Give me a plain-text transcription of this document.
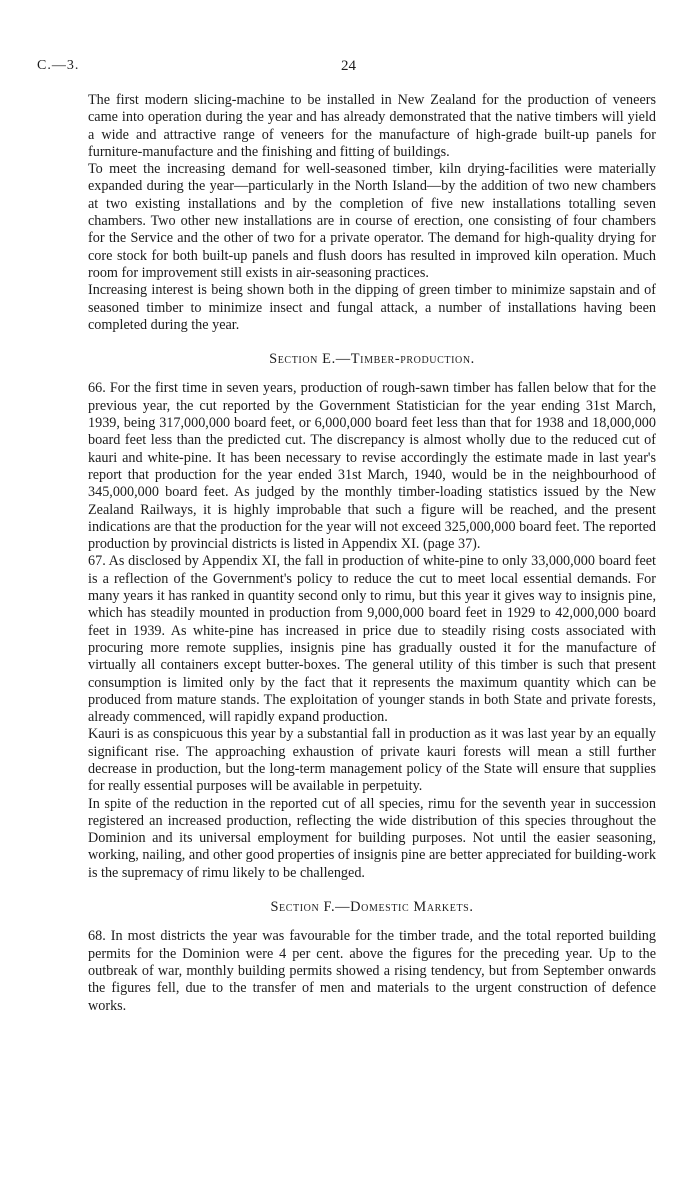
C.—3.	24

The first modern slicing-machine to be installed in New Zealand for the production of veneers came into operation during the year and has already demonstrated that the native timbers will yield a wide and attractive range of veneers for the manufacture of high-grade built-up panels for furniture-manufacture and the finishing and fitting of buildings.

To meet the increasing demand for well-seasoned timber, kiln drying-facilities were materially expanded during the year—particularly in the North Island—by the addition of two new chambers at two existing installations and by the completion of five new installations totalling seven chambers. Two other new installations are in course of erection, one consisting of four chambers for the Service and the other of two for a private operator. The demand for high-quality drying for core stock for both built-up panels and flush doors has resulted in improved kiln operation. Much room for improvement still exists in air-seasoning practices.

Increasing interest is being shown both in the dipping of green timber to minimize sapstain and of seasoned timber to minimize insect and fungal attack, a number of installations having been completed during the year.

Section E.—Timber-production.

66. For the first time in seven years, production of rough-sawn timber has fallen below that for the previous year, the cut reported by the Government Statistician for the year ending 31st March, 1939, being 317,000,000 board feet, or 6,000,000 board feet less than that for 1938 and 18,000,000 board feet less than the predicted cut. The discrepancy is almost wholly due to the reduced cut of kauri and white-pine. It has been necessary to revise accordingly the estimate made in last year's report that production for the year ended 31st March, 1940, would be in the neighbourhood of 345,000,000 board feet. As judged by the monthly timber-loading statistics issued by the New Zealand Railways, it is highly improbable that such a figure will be reached, and the present indications are that the production for the year will not exceed 325,000,000 board feet. The reported production by provincial districts is listed in Appendix XI. (page 37).

67. As disclosed by Appendix XI, the fall in production of white-pine to only 33,000,000 board feet is a reflection of the Government's policy to reduce the cut to meet local essential demands. For many years it has ranked in quantity second only to rimu, but this year it gives way to insignis pine, which has steadily mounted in production from 9,000,000 board feet in 1929 to 42,000,000 board feet in 1939. As white-pine has increased in price due to steadily rising costs associated with procuring more remote supplies, insignis pine has gradually ousted it for the manufacture of virtually all containers except butter-boxes. The general utility of this timber is such that present consumption is limited only by the fact that it represents the maximum quantity which can be produced from mature stands. The exploitation of younger stands in both State and private forests, already commenced, will rapidly expand production.

Kauri is as conspicuous this year by a substantial fall in production as it was last year by an equally significant rise. The approaching exhaustion of private kauri forests will mean a still further decrease in production, but the long-term management policy of the State will ensure that supplies for really essential purposes will be available in perpetuity.

In spite of the reduction in the reported cut of all species, rimu for the seventh year in succession registered an increased production, reflecting the wide distribution of this species throughout the Dominion and its universal employment for building purposes. Not until the easier seasoning, working, nailing, and other good properties of insignis pine are better appreciated for building-work is the supremacy of rimu likely to be challenged.

Section F.—Domestic Markets.

68. In most districts the year was favourable for the timber trade, and the total reported building permits for the Dominion were 4 per cent. above the figures for the preceding year. Up to the outbreak of war, monthly building permits showed a rising tendency, but from September onwards the figures fell, due to the transfer of men and materials to the urgent construction of defence works.
